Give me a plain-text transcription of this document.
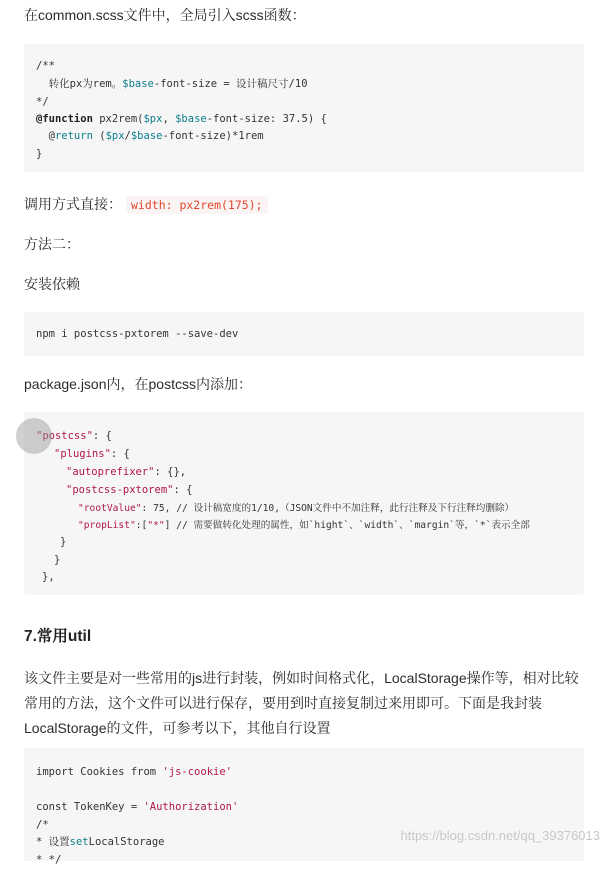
在common.scss文件中，全局引入scss函数：

/**
转化px为rem。$base-font-size = 设计稿尺寸/10
*/
@function px2rem($px, $base-font-size: 37.5) {
@return ($px/$base-font-size)*1rem
}

调用方式直接： width: px2rem(175);

方法二：

安装依赖

npm i postcss-pxtorem --save-dev

package.json内，在postcss内添加：

"postcss": {
"plugins": {
"autoprefixer": {},
"postcss-pxtorem": {
"rootValue": 75, // 设计稿宽度的1/10,（JSON文件中不加注释，此行注释及下行注释均删除）
"propList":["*"] // 需要做转化处理的属性，如`hight`、`width`、`margin`等，`*`表示全部
}
}
},
7.常用util

该文件主要是对一些常用的js进行封装，例如时间格式化，LocalStorage操作等，相对比较常用的方法，这个文件可以进行保存，要用到时直接复制过来用即可。下面是我封装LocalStorage的文件，可参考以下，其他自行设置

import Cookies from 'js-cookie'
const TokenKey = 'Authorization'
/*
* 设置setLocalStorage
* */
https://blog.csdn.net/qq_39376013
